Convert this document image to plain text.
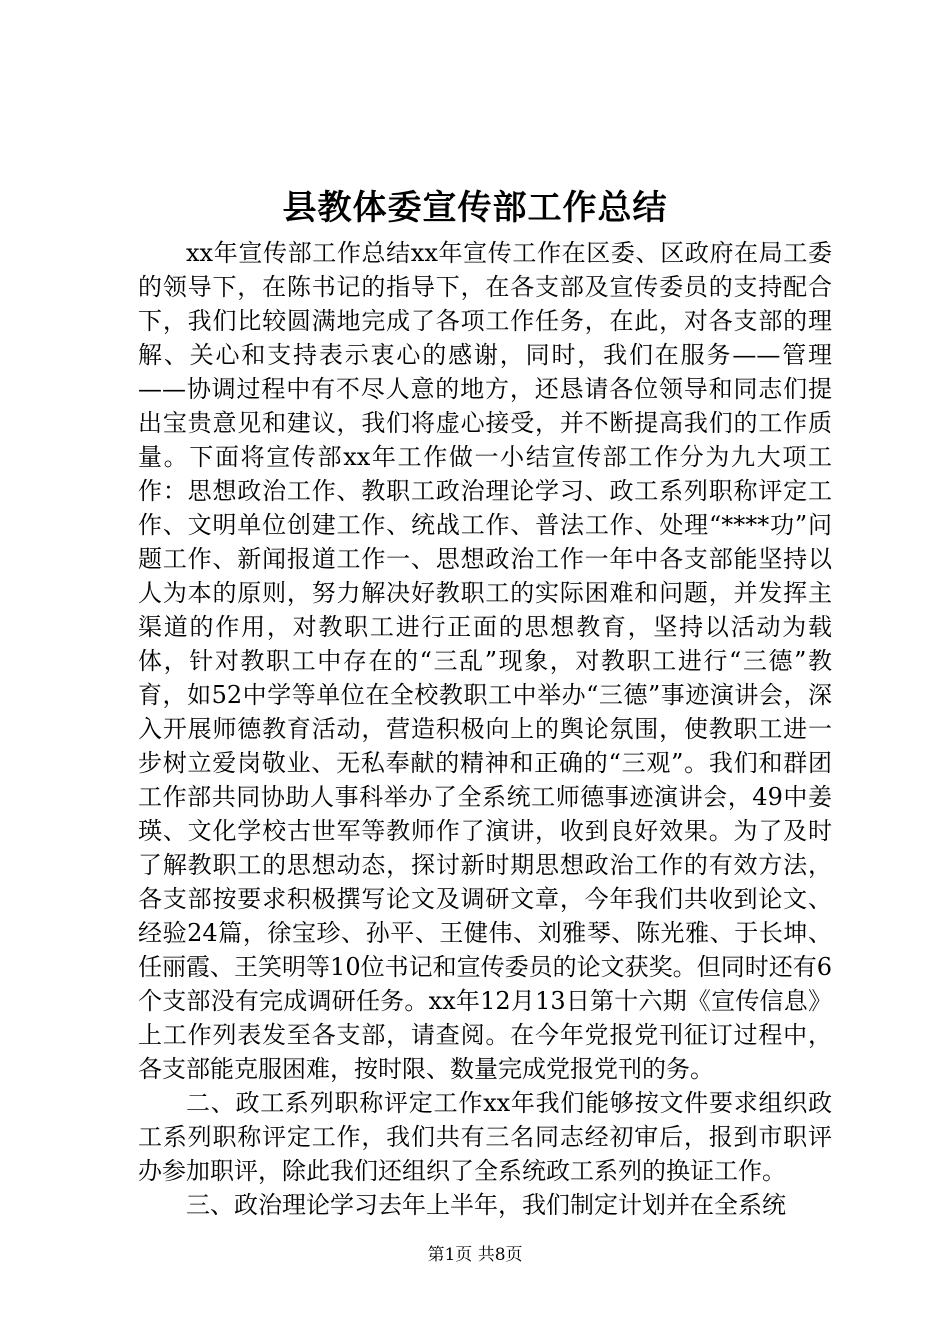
县教体委宣传部工作总结

xx年宣传部工作总结xx年宣传工作在区委、区政府在局工委的领导下，在陈书记的指导下，在各支部及宣传委员的支持配合下，我们比较圆满地完成了各项工作任务，在此，对各支部的理解、关心和支持表示衷心的感谢，同时，我们在服务——管理——协调过程中有不尽人意的地方，还恳请各位领导和同志们提出宝贵意见和建议，我们将虚心接受，并不断提高我们的工作质量。下面将宣传部xx年工作做一小结宣传部工作分为九大项工作：思想政治工作、教职工政治理论学习、政工系列职称评定工作、文明单位创建工作、统战工作、普法工作、处理“****功”问题工作、新闻报道工作一、思想政治工作一年中各支部能坚持以人为本的原则，努力解决好教职工的实际困难和问题，并发挥主渠道的作用，对教职工进行正面的思想教育，坚持以活动为载体，针对教职工中存在的“三乱”现象，对教职工进行“三德”教育，如52中学等单位在全校教职工中举办“三德”事迹演讲会，深入开展师德教育活动，营造积极向上的舆论氛围，使教职工进一步树立爱岗敬业、无私奉献的精神和正确的“三观”。我们和群团工作部共同协助人事科举办了全系统工师德事迹演讲会，49中姜瑛、文化学校古世军等教师作了演讲，收到良好效果。为了及时了解教职工的思想动态，探讨新时期思想政治工作的有效方法，各支部按要求积极撰写论文及调研文章，今年我们共收到论文、经验24篇，徐宝珍、孙平、王健伟、刘雅琴、陈光雅、于长坤、任丽霞、王笑明等10位书记和宣传委员的论文获奖。但同时还有6个支部没有完成调研任务。xx年12月13日第十六期《宣传信息》上工作列表发至各支部，请查阅。在今年党报党刊征订过程中，各支部能克服困难，按时限、数量完成党报党刊的务。

二、政工系列职称评定工作xx年我们能够按文件要求组织政工系列职称评定工作，我们共有三名同志经初审后，报到市职评办参加职评，除此我们还组织了全系统政工系列的换证工作。

三、政治理论学习去年上半年，我们制定计划并在全系统

第1页 共8页
